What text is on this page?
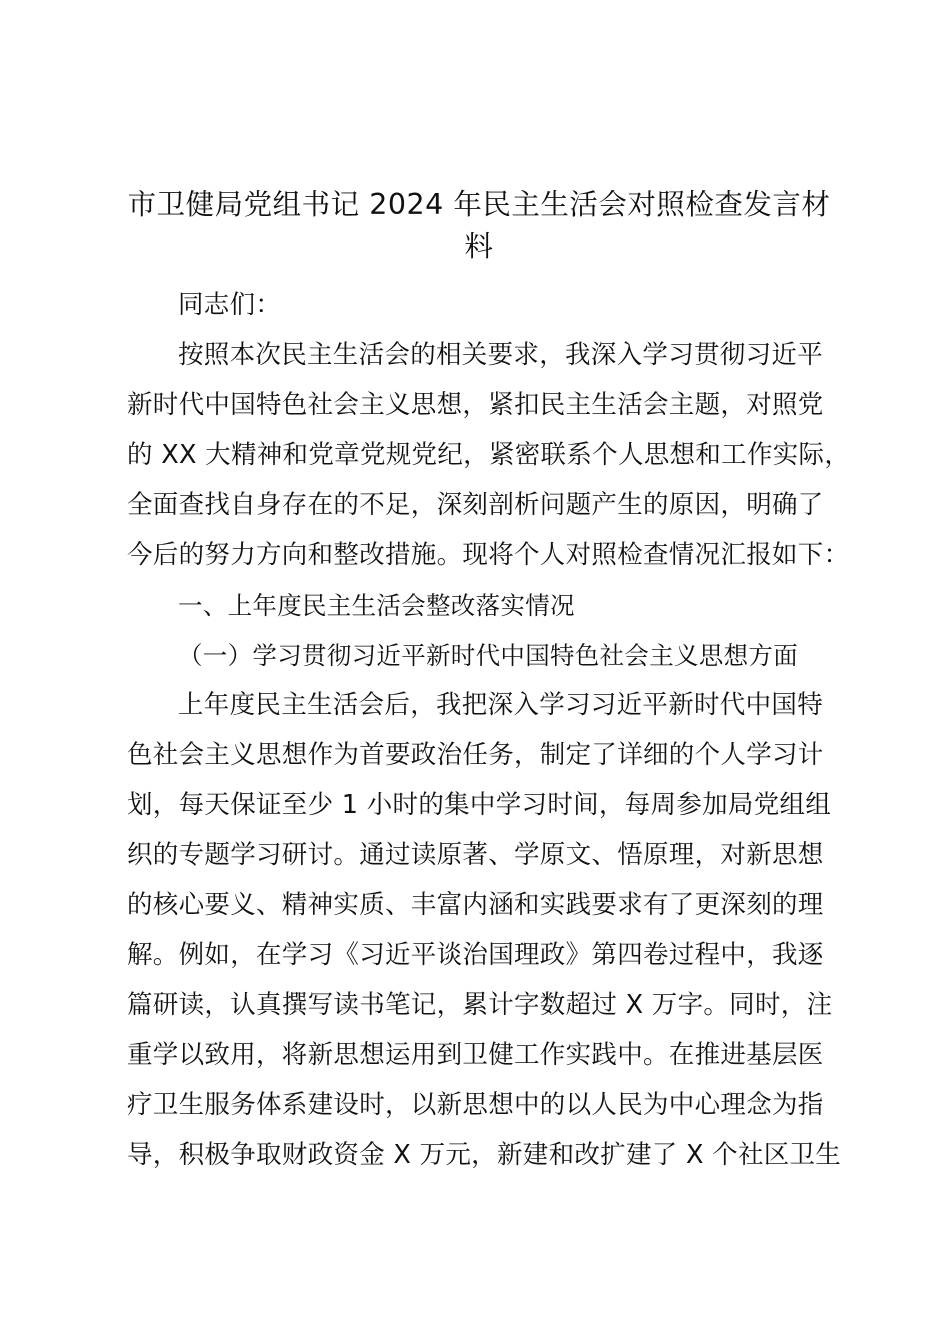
市卫健局党组书记 2024 年民主生活会对照检查发言材
料

同志们：

按照本次民主生活会的相关要求，我深入学习贯彻习近平

新时代中国特色社会主义思想，紧扣民主生活会主题，对照党

的 XX 大精神和党章党规党纪，紧密联系个人思想和工作实际，

全面查找自身存在的不足，深刻剖析问题产生的原因，明确了

今后的努力方向和整改措施。现将个人对照检查情况汇报如下：

一、上年度民主生活会整改落实情况

（一）学习贯彻习近平新时代中国特色社会主义思想方面

上年度民主生活会后，我把深入学习习近平新时代中国特

色社会主义思想作为首要政治任务，制定了详细的个人学习计

划，每天保证至少 1 小时的集中学习时间，每周参加局党组组

织的专题学习研讨。通过读原著、学原文、悟原理，对新思想

的核心要义、精神实质、丰富内涵和实践要求有了更深刻的理

解。例如，在学习《习近平谈治国理政》第四卷过程中，我逐

篇研读，认真撰写读书笔记，累计字数超过 X 万字。同时，注

重学以致用，将新思想运用到卫健工作实践中。在推进基层医

疗卫生服务体系建设时，以新思想中的以人民为中心理念为指

导，积极争取财政资金 X 万元，新建和改扩建了 X 个社区卫生
